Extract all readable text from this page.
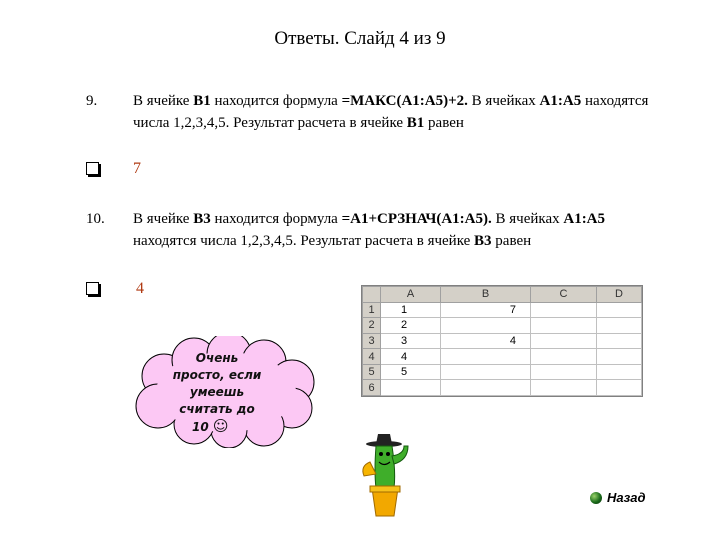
Ответы. Слайд 4 из 9
9.	В ячейке В1 находится формула =МАКС(А1:А5)+2. В ячейках А1:А5 находятся числа 1,2,3,4,5. Результат расчета в ячейке В1 равен
7
10.	В ячейке В3 находится формула =А1+СРЗНАЧ(А1:А5). В ячейках А1:А5 находятся числа 1,2,3,4,5. Результат расчета в ячейке В3 равен
4
		A	B	C	D
1	1	7		
2	2			
3	3	4		
4	4			
5	5			
6				
Очень
просто, если
умеешь
считать до
10 ☺
Назад
